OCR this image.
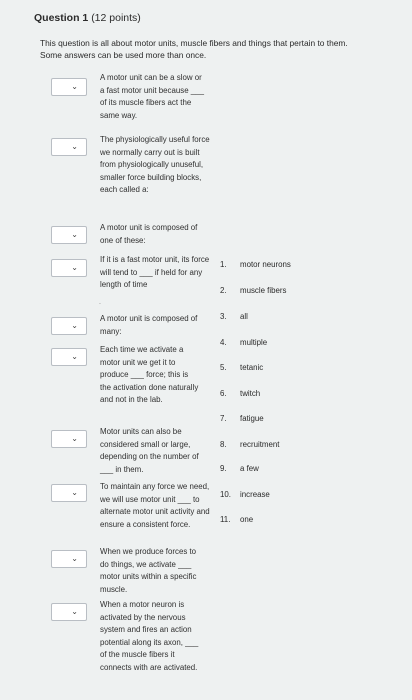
Question 1 (12 points)
This question is all about motor units, muscle fibers and things that pertain to them.
Some answers can be used more than once.
⌄
⌄
⌄
⌄
⌄
⌄
⌄
⌄
⌄
⌄
A motor unit can be a slow or a fast motor unit because ___ of its muscle fibers act the same way.
The physiologically useful force we normally carry out is built from physiologically unuseful, smaller force building blocks, each called a:
A motor unit is composed of one of these:
If it is a fast motor unit, its force will tend to ___ if held for any length of time
.
A motor unit is composed of many:
Each time we activate a motor unit we get it to produce ___ force; this is the activation done naturally and not in the lab.
Motor units can also be considered small or large, depending on the number of ___ in them.
To maintain any force we need, we will use motor unit ___ to alternate motor unit activity and ensure a consistent force.
When we produce forces to do things, we activate ___ motor units within a specific muscle.
When a motor neuron is activated by the nervous system and fires an action potential along its axon, ___ of the muscle fibers it connects with are activated.
1. motor neurons
2. muscle fibers
3. all
4. multiple
5. tetanic
6. twitch
7. fatigue
8. recruitment
9. a few
10. increase
11. one
